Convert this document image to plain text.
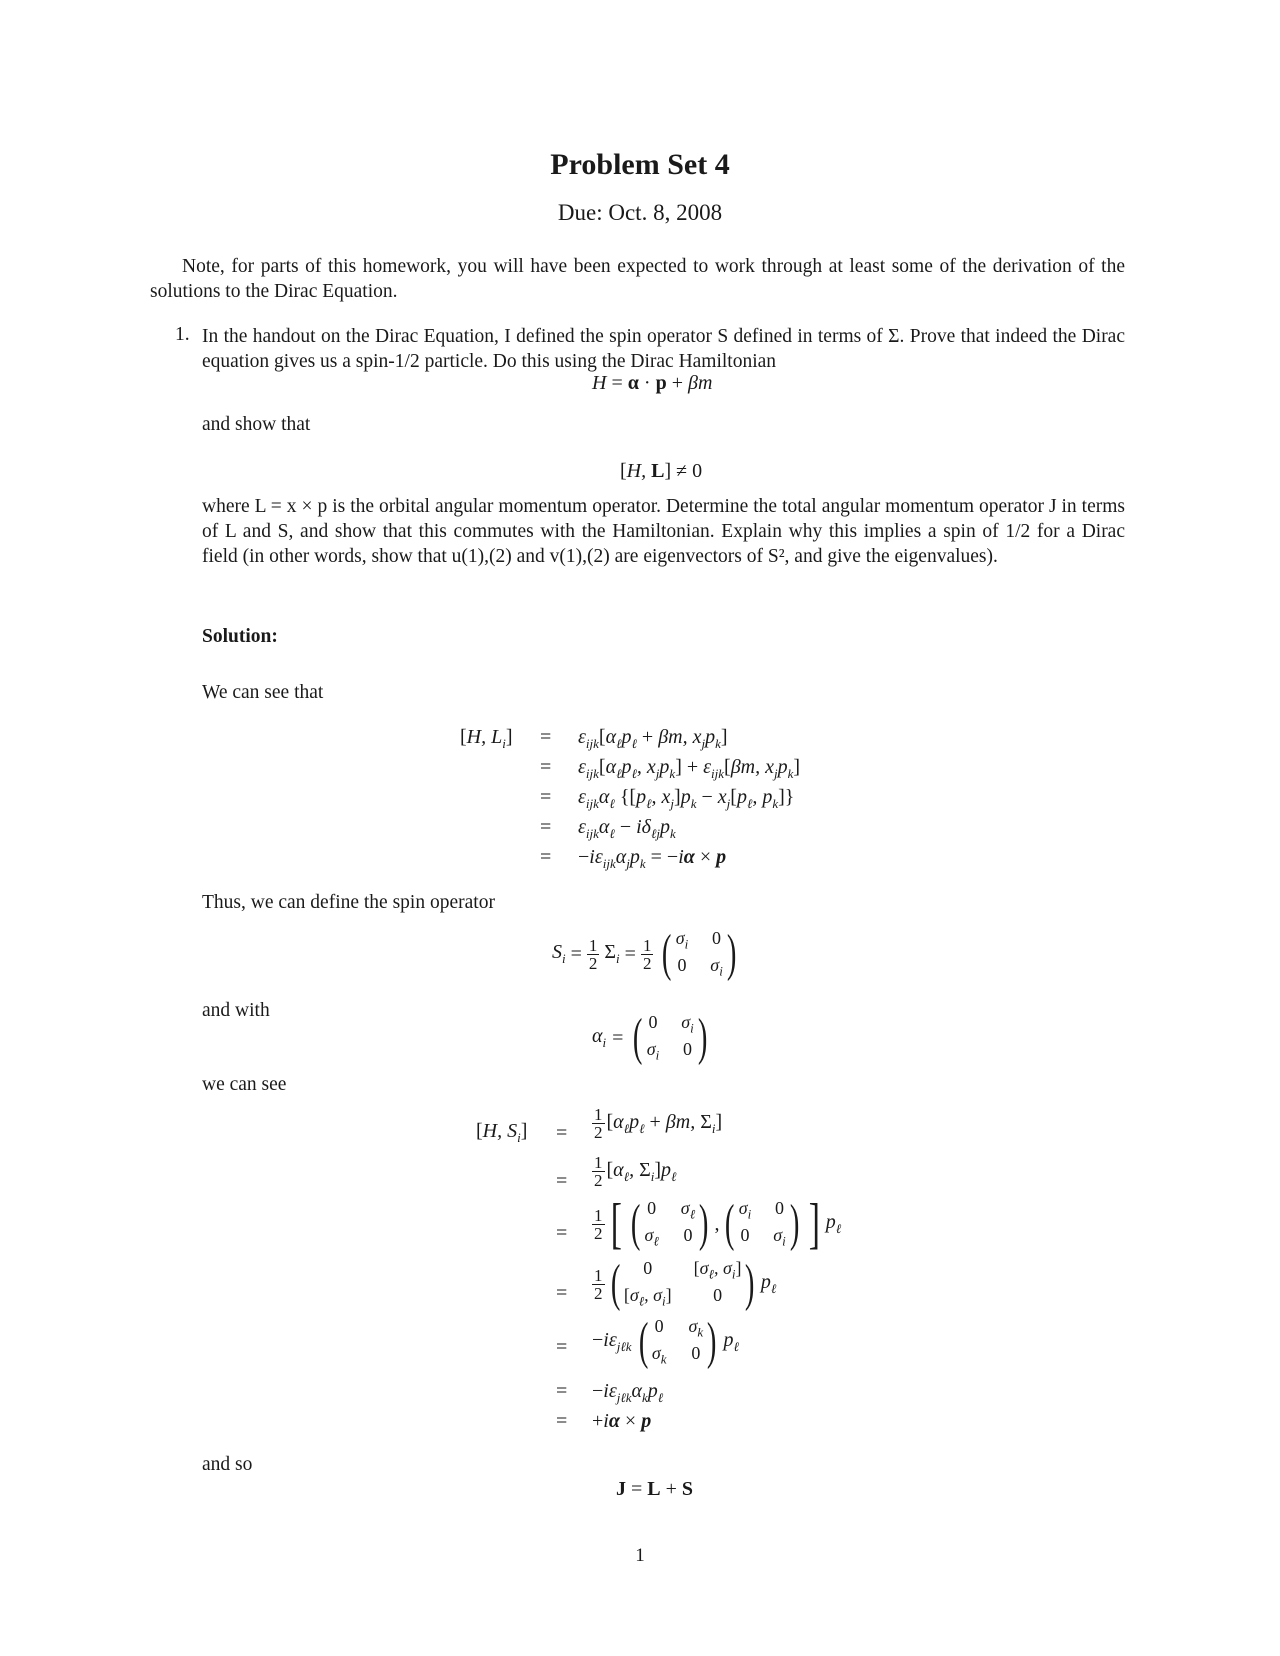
Problem Set 4
Due: Oct. 8, 2008
Note, for parts of this homework, you will have been expected to work through at least some of the derivation of the solutions to the Dirac Equation.
1. In the handout on the Dirac Equation, I defined the spin operator S defined in terms of Σ. Prove that indeed the Dirac equation gives us a spin-1/2 particle. Do this using the Dirac Hamiltonian
H = α · p + βm
and show that
[H, L] ≠ 0
where L = x × p is the orbital angular momentum operator. Determine the total angular momentum operator J in terms of L and S, and show that this commutes with the Hamiltonian. Explain why this implies a spin of 1/2 for a Dirac field (in other words, show that u(1),(2) and v(1),(2) are eigenvectors of S², and give the eigenvalues).
Solution:
We can see that
[H, $L_i] = \varepsilon_{ijk}[\alpha_\ell p_\ell + \beta m$, $x_jp_k$]
= $\varepsilon_{ijk}[\alpha_\ell p_\ell$, $x_jp_k] + \varepsilon_{ijk}[\beta m$, $x_jp_k$]
= $\varepsilon_{ijk}\alpha_\ell$ {[$p_\ell$, $x_j]p_k - x_j[p_\ell$, $p_k$]}
= $\varepsilon_{ijk}\alpha_\ell - i\delta_{\ell j}p_k$
= $-i\varepsilon_{ijk}\alpha_jp_k = -i\alpha \times p$
Thus, we can define the spin operator
$S_i = \frac{1}{2} \Sigma_i = \frac{1}{2}$ ( $\sigma_i$ 0
0 $\sigma_i$ )
and with
$\alpha_i$ = ( 0 $\sigma_i$
$\sigma_i$ 0 )
we can see
[H, $S_i] = \frac{1}{2} [\alpha_\ell p_\ell + \beta m$, $\Sigma_i$]
= $\frac{1}{2} [\alpha_\ell$, $\Sigma_i]p_\ell$
= $\frac{1}{2}$ [ ( 0 $\sigma_\ell$
$\sigma_\ell$ 0 ) , ( $\sigma_i$ 0
0 $\sigma_i$ ) ] $p_\ell$
= $\frac{1}{2}$ (	0	[$\sigma_\ell$, $\sigma_i$]
[$\sigma_\ell$, $\sigma_i$]	0 ) $p_\ell$
= $-i\varepsilon_{j\ell k}$ ( 0 $\sigma_k$
$\sigma_k$ 0 ) $p_\ell$
= $-i\varepsilon_{j\ell k}\alpha_kp_\ell$
= +iα × p
and so
J = L + S
1
